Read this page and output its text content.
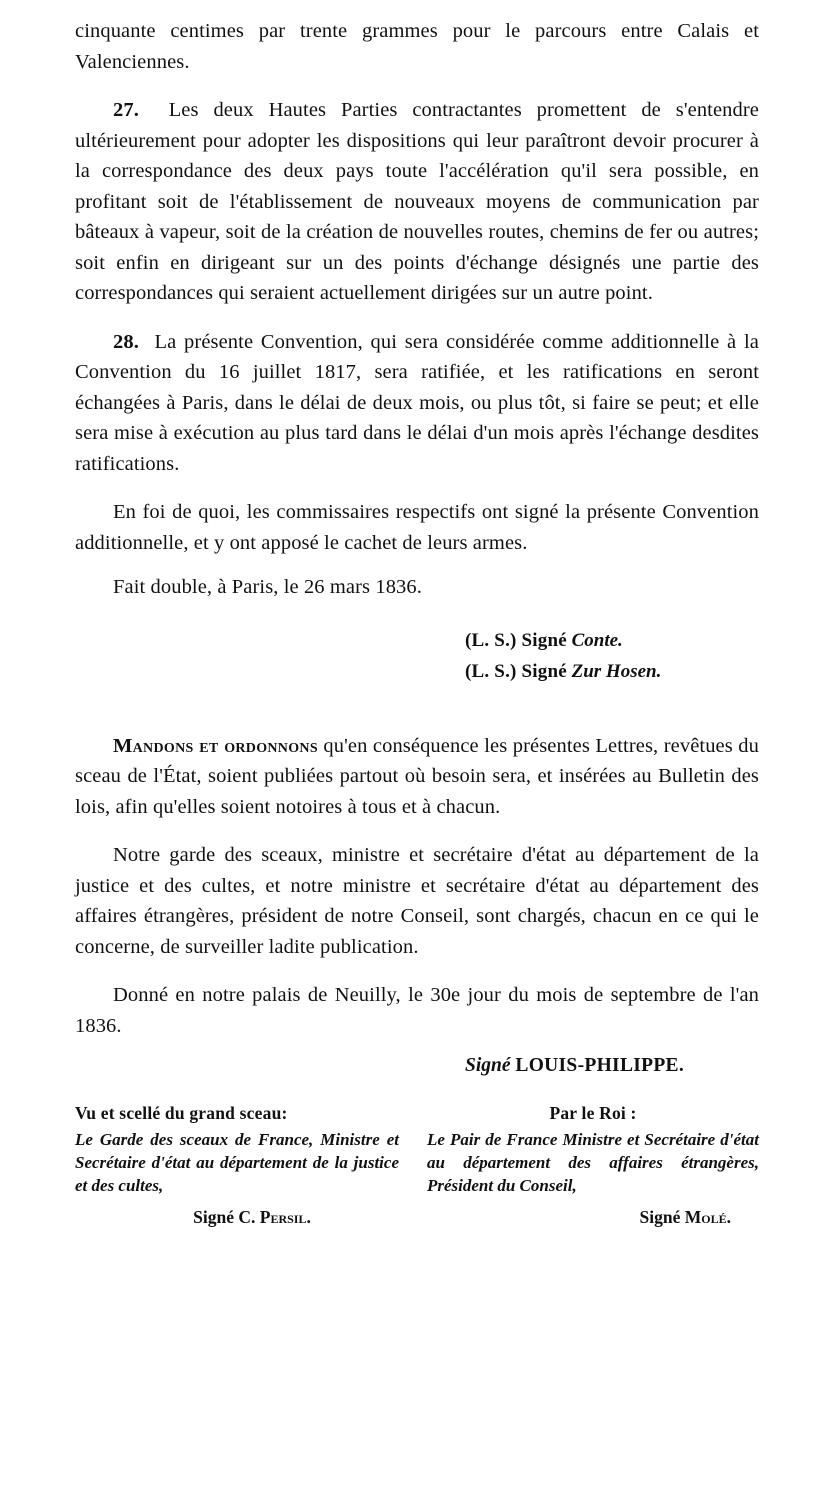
cinquante centimes par trente grammes pour le parcours entre Calais et Valenciennes.

27. Les deux Hautes Parties contractantes promettent de s'entendre ultérieurement pour adopter les dispositions qui leur paraîtront devoir procurer à la correspondance des deux pays toute l'accélération qu'il sera possible, en profitant soit de l'établissement de nouveaux moyens de communication par bâteaux à vapeur, soit de la création de nouvelles routes, chemins de fer ou autres; soit enfin en dirigeant sur un des points d'échange désignés une partie des correspondances qui seraient actuellement dirigées sur un autre point.

28. La présente Convention, qui sera considérée comme additionnelle à la Convention du 16 juillet 1817, sera ratifiée, et les ratifications en seront échangées à Paris, dans le délai de deux mois, ou plus tôt, si faire se peut; et elle sera mise à exécution au plus tard dans le délai d'un mois après l'échange desdites ratifications.

En foi de quoi, les commissaires respectifs ont signé la présente Convention additionnelle, et y ont apposé le cachet de leurs armes.

Fait double, à Paris, le 26 mars 1836.

(L. S.) Signé Conte.
(L. S.) Signé Zur Hosen.

Mandons et ordonnons qu'en conséquence les présentes Lettres, revêtues du sceau de l'État, soient publiées partout où besoin sera, et insérées au Bulletin des lois, afin qu'elles soient notoires à tous et à chacun.

Notre garde des sceaux, ministre et secrétaire d'état au département de la justice et des cultes, et notre ministre et secrétaire d'état au département des affaires étrangères, président de notre Conseil, sont chargés, chacun en ce qui le concerne, de surveiller ladite publication.

Donné en notre palais de Neuilly, le 30e jour du mois de septembre de l'an 1836.

Signé LOUIS-PHILIPPE.
Vu et scellé du grand sceau:
Le Garde des sceaux de France, Ministre et Secrétaire d'état au département de la justice et des cultes,
Signé C. Persil.
Par le Roi :
Le Pair de France Ministre et Secrétaire d'état au département des affaires étrangères, Président du Conseil,
Signé Molé.
